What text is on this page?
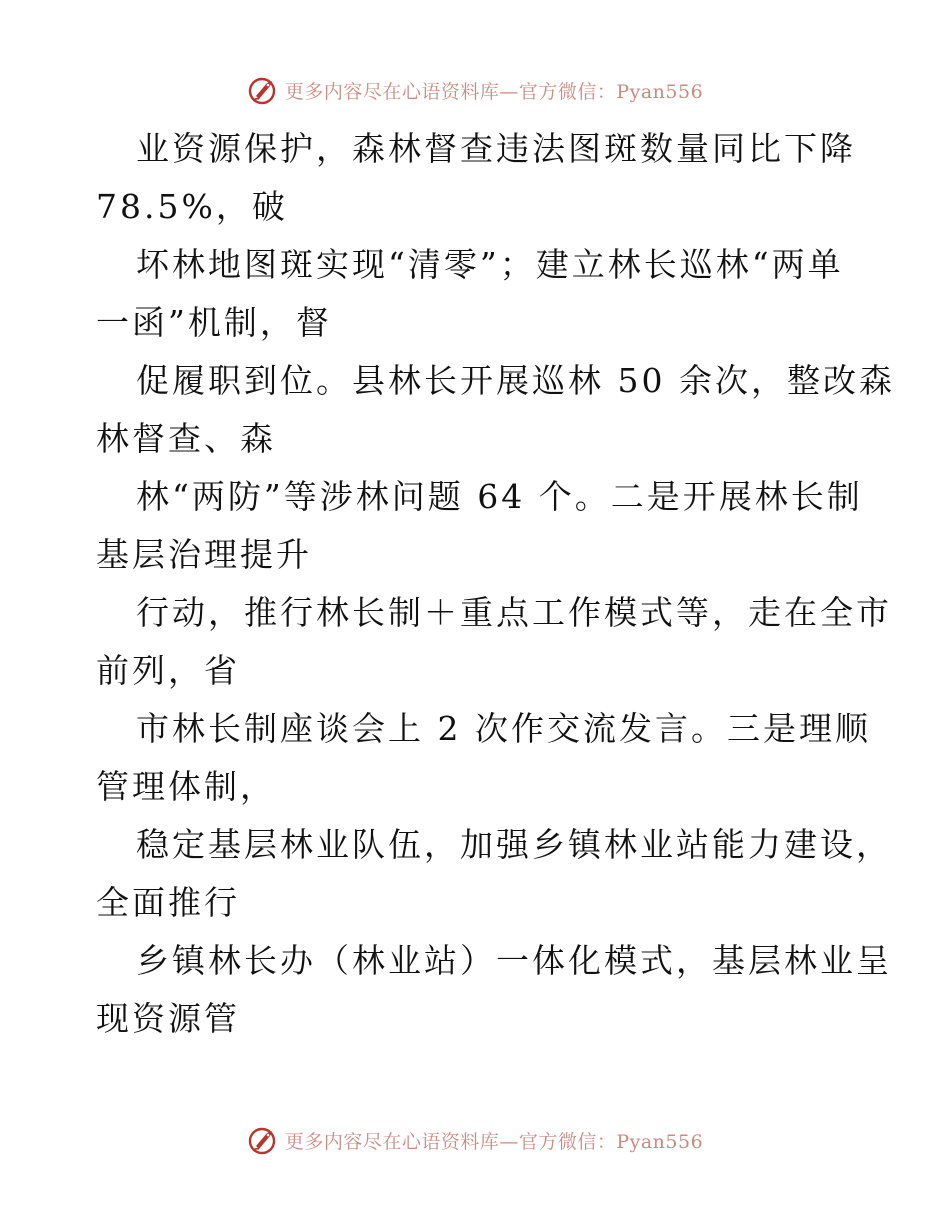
更多内容尽在心语资料库—官方微信：Pyan556
业资源保护，森林督查违法图斑数量同比下降
78.5%，破
坏林地图斑实现“清零”；建立林长巡林“两单
一函”机制，督
促履职到位。县林长开展巡林 50 余次，整改森
林督查、森
林“两防”等涉林问题 64 个。二是开展林长制
基层治理提升
行动，推行林长制＋重点工作模式等，走在全市
前列，省
市林长制座谈会上 2 次作交流发言。三是理顺
管理体制，
稳定基层林业队伍，加强乡镇林业站能力建设，
全面推行
乡镇林长办（林业站）一体化模式，基层林业呈
现资源管
更多内容尽在心语资料库—官方微信：Pyan556
